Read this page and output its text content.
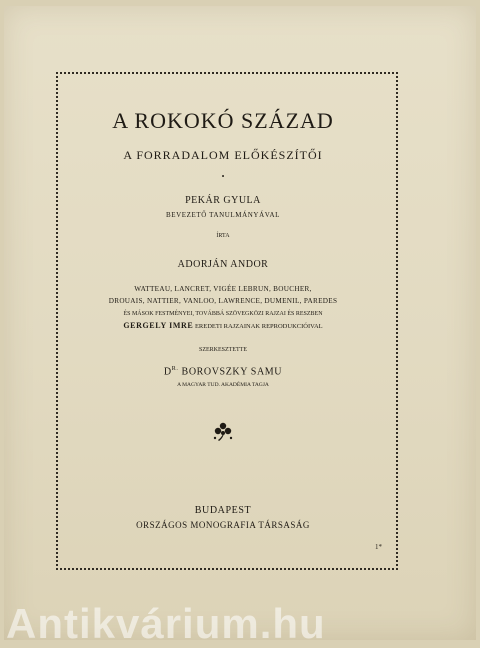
A ROKOKÓ SZÁZAD
A FORRADALOM ELŐKÉSZÍTŐI
•
PEKÁR GYULA
BEVEZETŐ TANULMÁNYÁVAL
ÍRTA
ADORJÁN ANDOR
WATTEAU, LANCRET, VIGÉE LEBRUN, BOUCHER,
DROUAIS, NATTIER, VANLOO, LAWRENCE, DUMENIL, PAREDES
ÉS MÁSOK FESTMÉNYEI, TOVÁBBÁ SZÖVEGKÖZI RAJZAI ÉS RESZBEN
GERGELY IMRE EREDETI RAJZAINAK REPRODUKCIÓIVAL
SZERKESZTETTE
$D^{R.}$ BOROVSZKY SAMU
A MAGYAR TUD. AKADÉMIA TAGJA
BUDAPEST
ORSZÁGOS MONOGRAFIA TÁRSASÁG
1*
Antikvárium.hu
